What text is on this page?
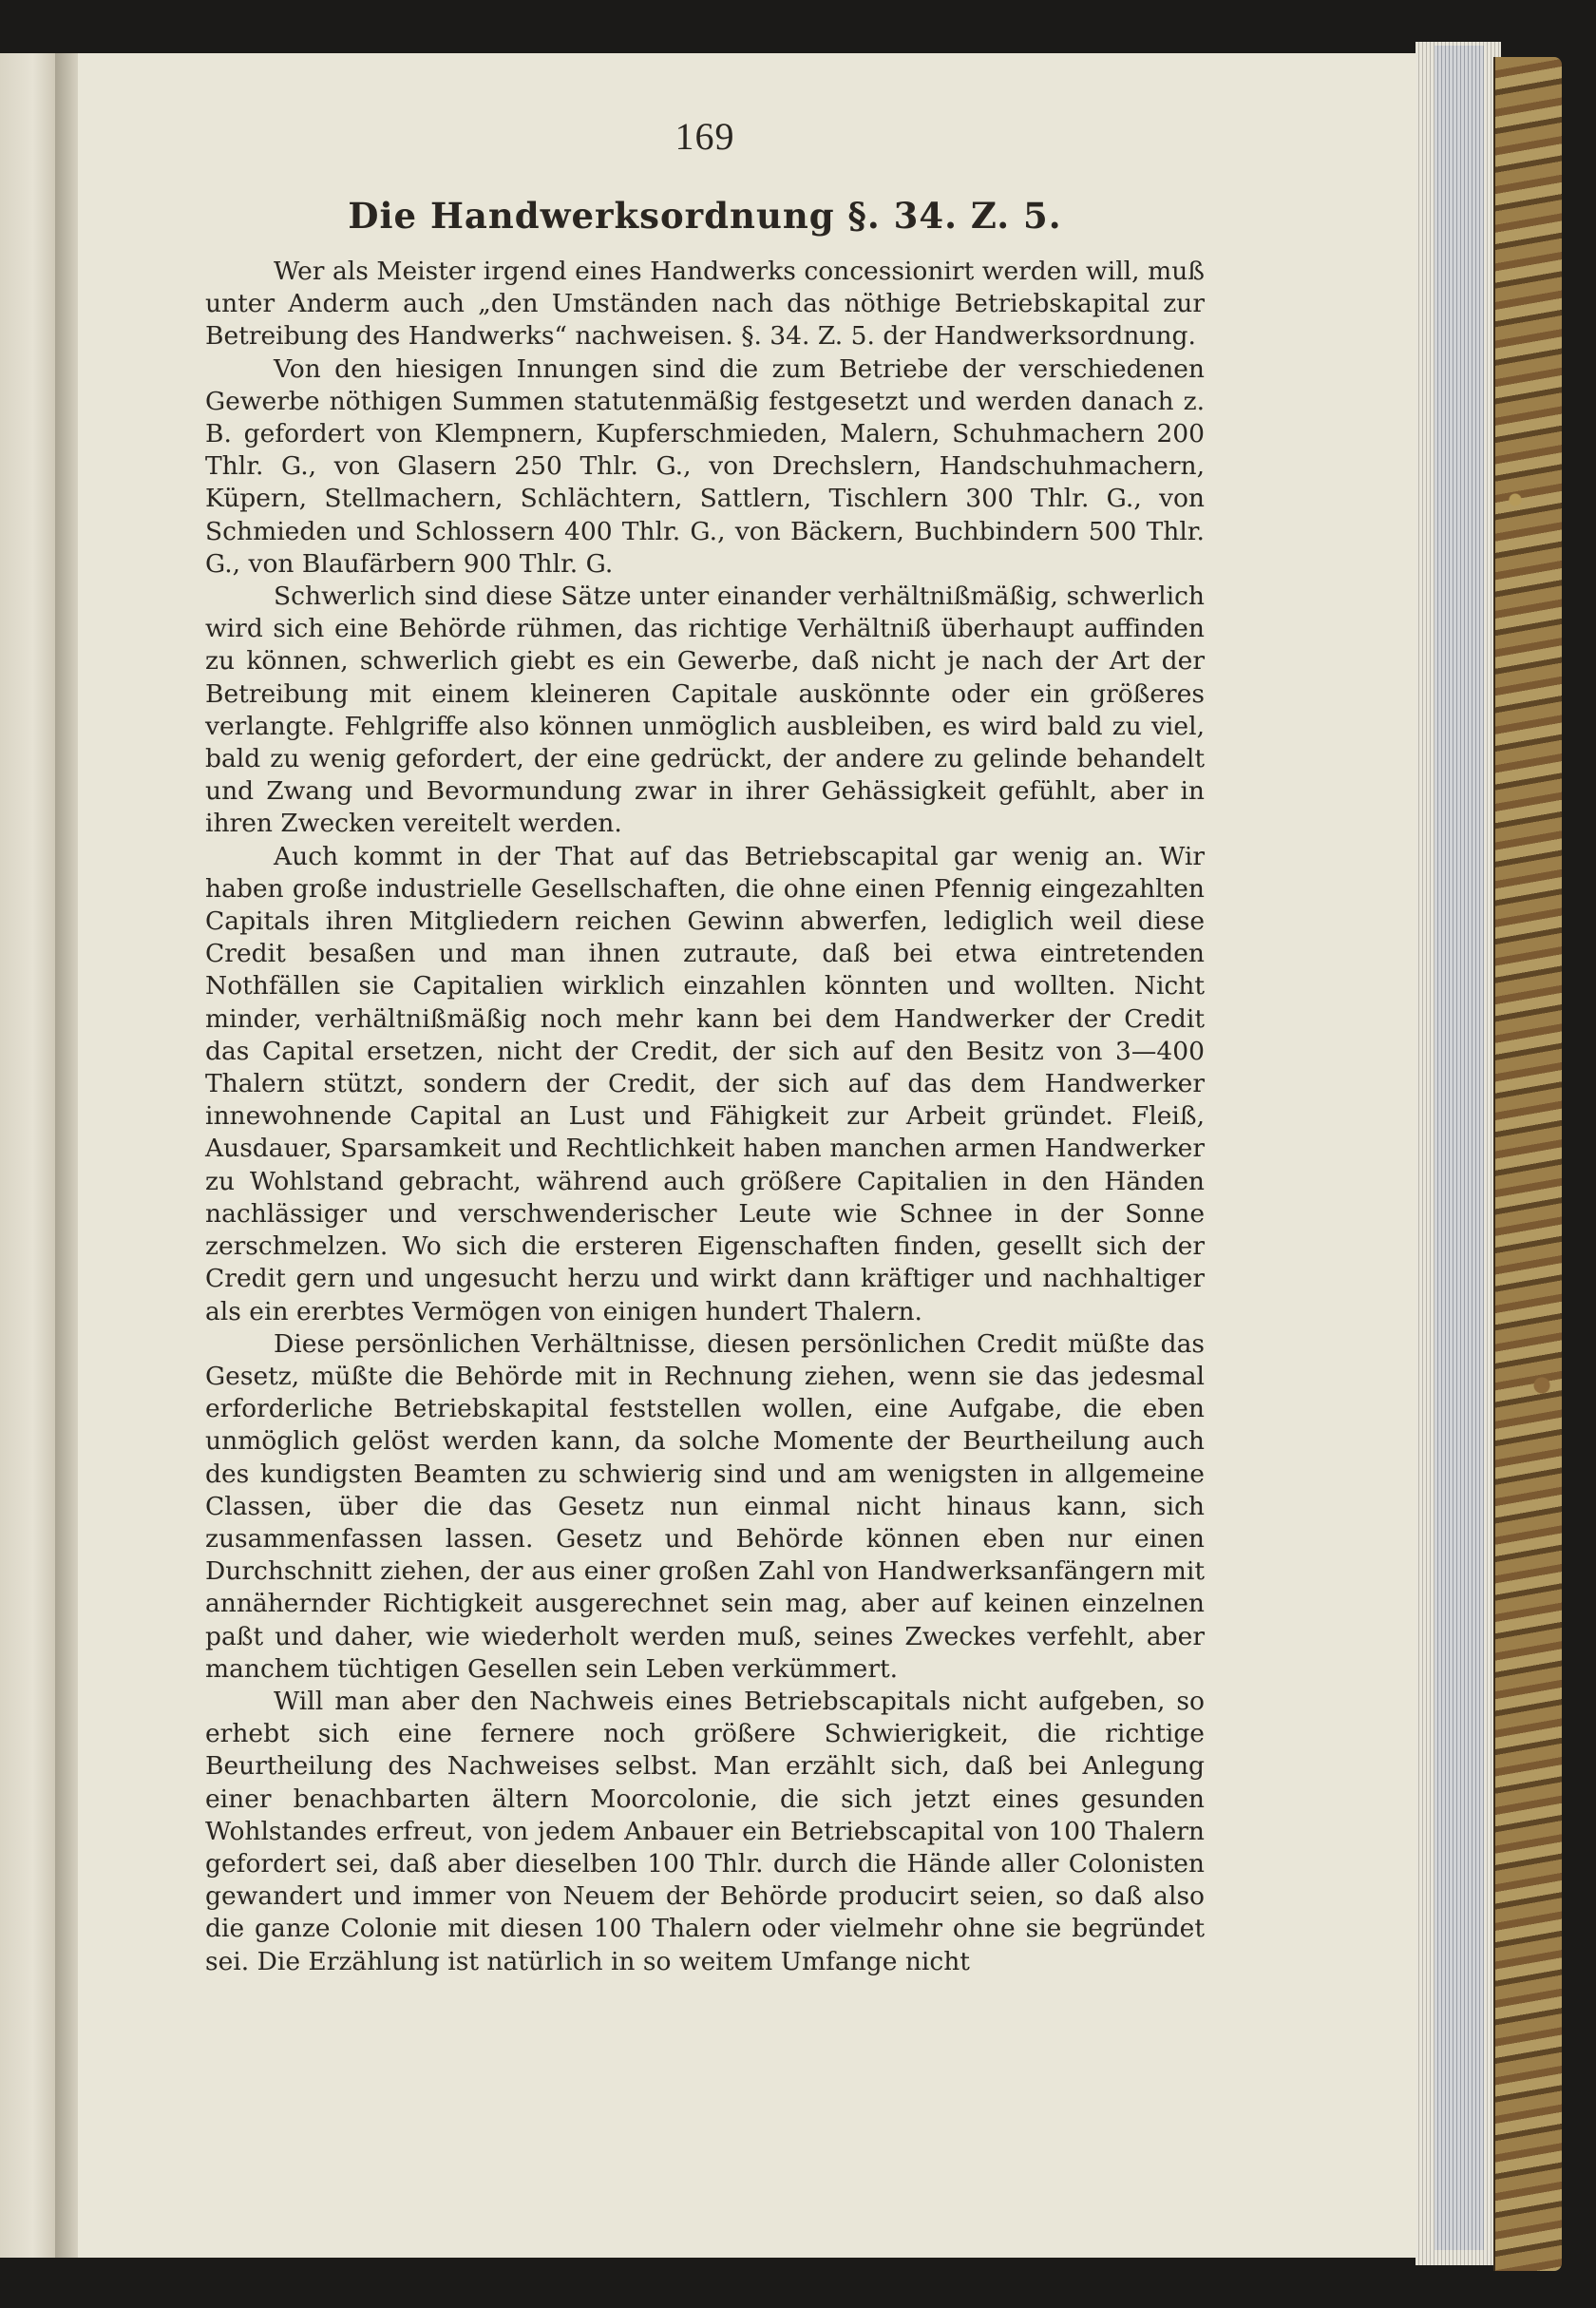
169
Die Handwerksordnung §. 34. Z. 5.

Wer als Meister irgend eines Handwerks concessionirt werden will, muß unter Anderm auch „den Umständen nach das nöthige Betriebskapital zur Betreibung des Handwerks“ nachweisen. §. 34. Z. 5. der Handwerksordnung.

Von den hiesigen Innungen sind die zum Betriebe der verschiedenen Gewerbe nöthigen Summen statutenmäßig festgesetzt und werden danach z. B. gefordert von Klempnern, Kupferschmieden, Malern, Schuhmachern 200 Thlr. G., von Glasern 250 Thlr. G., von Drechslern, Handschuhmachern, Küpern, Stellmachern, Schlächtern, Sattlern, Tischlern 300 Thlr. G., von Schmieden und Schlossern 400 Thlr. G., von Bäckern, Buchbindern 500 Thlr. G., von Blaufärbern 900 Thlr. G.

Schwerlich sind diese Sätze unter einander verhältnißmäßig, schwerlich wird sich eine Behörde rühmen, das richtige Verhältniß überhaupt auffinden zu können, schwerlich giebt es ein Gewerbe, daß nicht je nach der Art der Betreibung mit einem kleineren Capitale auskönnte oder ein größeres verlangte. Fehlgriffe also können unmöglich ausbleiben, es wird bald zu viel, bald zu wenig gefordert, der eine gedrückt, der andere zu gelinde behandelt und Zwang und Bevormundung zwar in ihrer Gehässigkeit gefühlt, aber in ihren Zwecken vereitelt werden.

Auch kommt in der That auf das Betriebscapital gar wenig an. Wir haben große industrielle Gesellschaften, die ohne einen Pfennig eingezahlten Capitals ihren Mitgliedern reichen Gewinn abwerfen, lediglich weil diese Credit besaßen und man ihnen zutraute, daß bei etwa eintretenden Nothfällen sie Capitalien wirklich einzahlen könnten und wollten. Nicht minder, verhältnißmäßig noch mehr kann bei dem Handwerker der Credit das Capital ersetzen, nicht der Credit, der sich auf den Besitz von 3—400 Thalern stützt, sondern der Credit, der sich auf das dem Handwerker innewohnende Capital an Lust und Fähigkeit zur Arbeit gründet. Fleiß, Ausdauer, Sparsamkeit und Rechtlichkeit haben manchen armen Handwerker zu Wohlstand gebracht, während auch größere Capitalien in den Händen nachlässiger und verschwenderischer Leute wie Schnee in der Sonne zerschmelzen. Wo sich die ersteren Eigenschaften finden, gesellt sich der Credit gern und ungesucht herzu und wirkt dann kräftiger und nachhaltiger als ein ererbtes Vermögen von einigen hundert Thalern.

Diese persönlichen Verhältnisse, diesen persönlichen Credit müßte das Gesetz, müßte die Behörde mit in Rechnung ziehen, wenn sie das jedesmal erforderliche Betriebskapital feststellen wollen, eine Aufgabe, die eben unmöglich gelöst werden kann, da solche Momente der Beurtheilung auch des kundigsten Beamten zu schwierig sind und am wenigsten in allgemeine Classen, über die das Gesetz nun einmal nicht hinaus kann, sich zusammenfassen lassen. Gesetz und Behörde können eben nur einen Durchschnitt ziehen, der aus einer großen Zahl von Handwerksanfängern mit annähernder Richtigkeit ausgerechnet sein mag, aber auf keinen einzelnen paßt und daher, wie wiederholt werden muß, seines Zweckes verfehlt, aber manchem tüchtigen Gesellen sein Leben verkümmert.

Will man aber den Nachweis eines Betriebscapitals nicht aufgeben, so erhebt sich eine fernere noch größere Schwierigkeit, die richtige Beurtheilung des Nachweises selbst. Man erzählt sich, daß bei Anlegung einer benachbarten ältern Moorcolonie, die sich jetzt eines gesunden Wohlstandes erfreut, von jedem Anbauer ein Betriebscapital von 100 Thalern gefordert sei, daß aber dieselben 100 Thlr. durch die Hände aller Colonisten gewandert und immer von Neuem der Behörde producirt seien, so daß also die ganze Colonie mit diesen 100 Thalern oder vielmehr ohne sie begründet sei. Die Erzählung ist natürlich in so weitem Umfange nicht
